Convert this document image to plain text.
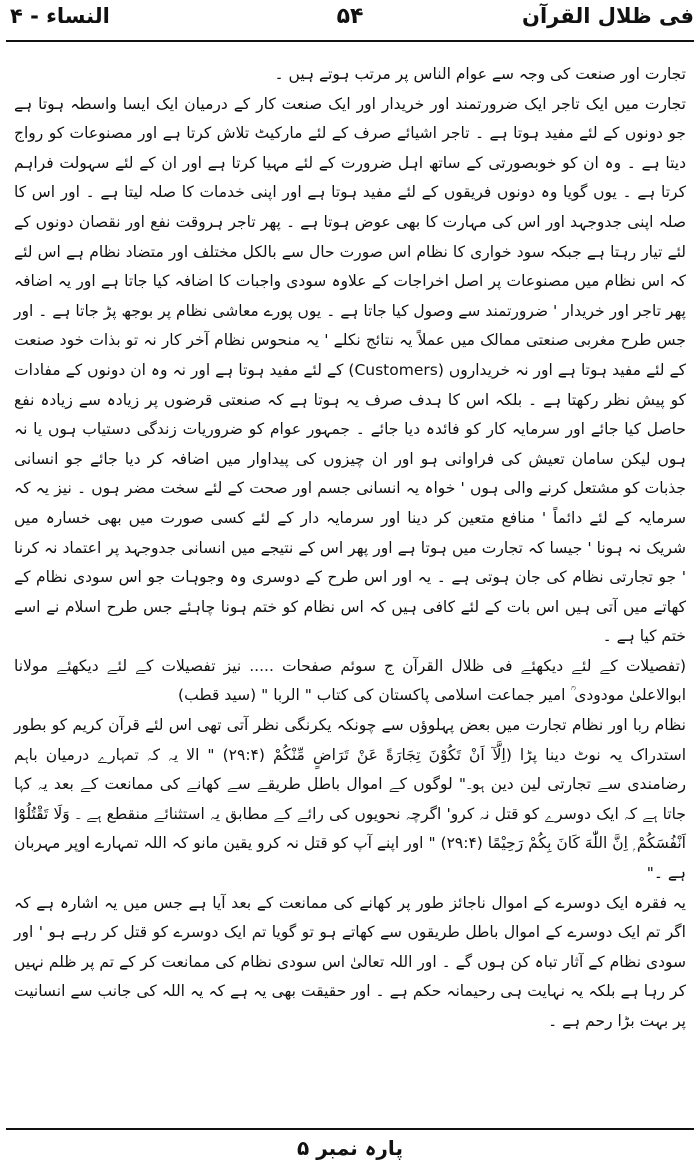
فی ظلال القرآن
۵۴
النساء - ۴

تجارت اور صنعت کی وجہ سے عوام الناس پر مرتب ہوتے ہیں ۔

تجارت میں ایک تاجر ایک ضرورتمند اور خریدار اور ایک صنعت کار کے درمیان ایک ایسا واسطہ ہوتا ہے جو دونوں کے لئے مفید ہوتا ہے ۔ تاجر اشیائے صرف کے لئے مارکیٹ تلاش کرتا ہے اور مصنوعات کو رواج دیتا ہے ۔ وہ ان کو خوبصورتی کے ساتھ اہل ضرورت کے لئے مہیا کرتا ہے اور ان کے لئے سہولت فراہم کرتا ہے ۔ یوں گویا وہ دونوں فریقوں کے لئے مفید ہوتا ہے اور اپنی خدمات کا صلہ لیتا ہے ۔ اور اس کا صلہ اپنی جدوجہد اور اس کی مہارت کا بھی عوض ہوتا ہے ۔ پھر تاجر ہروقت نفع اور نقصان دونوں کے لئے تیار رہتا ہے جبکہ سود خواری کا نظام اس صورت حال سے بالکل مختلف اور متضاد نظام ہے اس لئے کہ اس نظام میں مصنوعات پر اصل اخراجات کے علاوہ سودی واجبات کا اضافہ کیا جاتا ہے اور یہ اضافہ پھر تاجر اور خریدار ' ضرورتمند سے وصول کیا جاتا ہے ۔ یوں پورے معاشی نظام پر بوجھ پڑ جاتا ہے ۔ اور جس طرح مغربی صنعتی ممالک میں عملاً یہ نتائج نکلے ' یہ منحوس نظام آخر کار نہ تو بذات خود صنعت کے لئے مفید ہوتا ہے اور نہ خریداروں (Customers) کے لئے مفید ہوتا ہے اور نہ وہ ان دونوں کے مفادات کو پیش نظر رکھتا ہے ۔ بلکہ اس کا ہدف صرف یہ ہوتا ہے کہ صنعتی قرضوں پر زیادہ سے زیادہ نفع حاصل کیا جائے اور سرمایہ کار کو فائدہ دیا جائے ۔ جمہور عوام کو ضروریات زندگی دستیاب ہوں یا نہ ہوں لیکن سامان تعیش کی فراوانی ہو اور ان چیزوں کی پیداوار میں اضافہ کر دیا جائے جو انسانی جذبات کو مشتعل کرنے والی ہوں ' خواہ یہ انسانی جسم اور صحت کے لئے سخت مضر ہوں ۔ نیز یہ کہ سرمایہ کے لئے دائماً ' منافع متعین کر دینا اور سرمایہ دار کے لئے کسی صورت میں بھی خسارہ میں شریک نہ ہونا ' جیسا کہ تجارت میں ہوتا ہے اور پھر اس کے نتیجے میں انسانی جدوجہد پر اعتماد نہ کرنا ' جو تجارتی نظام کی جان ہوتی ہے ۔ یہ اور اس طرح کے دوسری وہ وجوہات جو اس سودی نظام کے کھاتے میں آتی ہیں اس بات کے لئے کافی ہیں کہ اس نظام کو ختم ہونا چاہئے جس طرح اسلام نے اسے ختم کیا ہے ۔

(تفصیلات کے لئے دیکھئے فی ظلال القرآن ج سوئم صفحات ..... نیز تفصیلات کے لئے دیکھئے مولانا ابوالاعلیٰ مودودی ؒ امیر جماعت اسلامی پاکستان کی کتاب " الربا " (سید قطب)

نظام ربا اور نظام تجارت میں بعض پہلوؤں سے چونکہ یکرنگی نظر آتی تھی اس لئے قرآن کریم کو بطور استدراک یہ نوٹ دینا پڑا (اِلَّآ اَنْ تَكُوْنَ تِجَارَةً عَنْ تَرَاضٍ مِّنْكُمْ (۲۹:۴) " الا یہ کہ تمہارے درمیان باہم رضامندی سے تجارتی لین دین ہو۔" لوگوں کے اموال باطل طریقے سے کھانے کی ممانعت کے بعد یہ کہا جاتا ہے کہ ایک دوسرے کو قتل نہ کرو' اگرچہ نحویوں کی رائے کے مطابق یہ استثنائے منقطع ہے ۔ وَلَا تَقْتُلُوْٓا اَنْفُسَكُمْ ۭ اِنَّ اللّٰهَ كَانَ بِكُمْ رَحِيْمًا (۲۹:۴) " اور اپنے آپ کو قتل نہ کرو یقین مانو کہ اللہ تمہارے اوپر مہربان ہے ۔"

یہ فقرہ ایک دوسرے کے اموال ناجائز طور پر کھانے کی ممانعت کے بعد آیا ہے جس میں یہ اشارہ ہے کہ اگر تم ایک دوسرے کے اموال باطل طریقوں سے کھاتے ہو تو گویا تم ایک دوسرے کو قتل کر رہے ہو ' اور سودی نظام کے آثار تباہ کن ہوں گے ۔ اور اللہ تعالیٰ اس سودی نظام کی ممانعت کر کے تم پر ظلم نہیں کر رہا ہے بلکہ یہ نہایت ہی رحیمانہ حکم ہے ۔ اور حقیقت بھی یہ ہے کہ یہ اللہ کی جانب سے انسانیت پر بہت بڑا رحم ہے ۔

پارہ نمبر ۵
